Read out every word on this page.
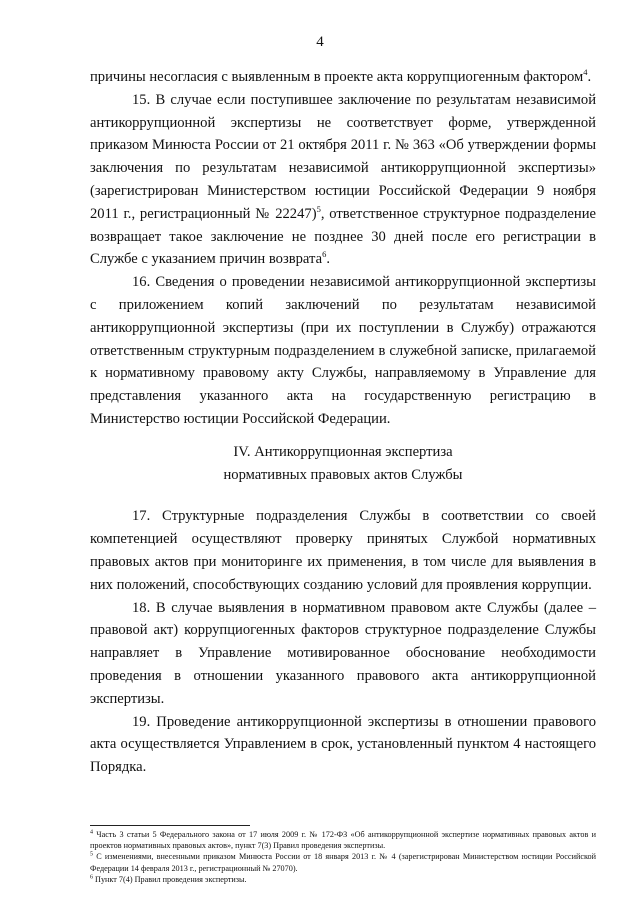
4

причины несогласия с выявленным в проекте акта коррупциогенным фактором$^4$.

15. В случае если поступившее заключение по результатам независимой антикоррупционной экспертизы не соответствует форме, утвержденной приказом Минюста России от 21 октября 2011 г. № 363 «Об утверждении формы заключения по результатам независимой антикоррупционной экспертизы» (зарегистрирован Министерством юстиции Российской Федерации 9 ноября 2011 г., регистрационный № 22247)$^5$, ответственное структурное подразделение возвращает такое заключение не позднее 30 дней после его регистрации в Службе с указанием причин возврата$^6$.

16. Сведения о проведении независимой антикоррупционной экспертизы с приложением копий заключений по результатам независимой антикоррупционной экспертизы (при их поступлении в Службу) отражаются ответственным структурным подразделением в служебной записке, прилагаемой к нормативному правовому акту Службы, направляемому в Управление для представления указанного акта на государственную регистрацию в Министерство юстиции Российской Федерации.

IV. Антикоррупционная экспертиза
нормативных правовых актов Службы

17. Структурные подразделения Службы в соответствии со своей компетенцией осуществляют проверку принятых Службой нормативных правовых актов при мониторинге их применения, в том числе для выявления в них положений, способствующих созданию условий для проявления коррупции.

18. В случае выявления в нормативном правовом акте Службы (далее – правовой акт) коррупциогенных факторов структурное подразделение Службы направляет в Управление мотивированное обоснование необходимости проведения в отношении указанного правового акта антикоррупционной экспертизы.

19. Проведение антикоррупционной экспертизы в отношении правового акта осуществляется Управлением в срок, установленный пунктом 4 настоящего Порядка.

$^4$ Часть 3 статьи 5 Федерального закона от 17 июля 2009 г. № 172-ФЗ «Об антикоррупционной экспертизе нормативных правовых актов и проектов нормативных правовых актов», пункт 7(3) Правил проведения экспертизы.

$^5$ С изменениями, внесенными приказом Минюста России от 18 января 2013 г. № 4 (зарегистрирован Министерством юстиции Российской Федерации 14 февраля 2013 г., регистрационный № 27070).

$^6$ Пункт 7(4) Правил проведения экспертизы.
